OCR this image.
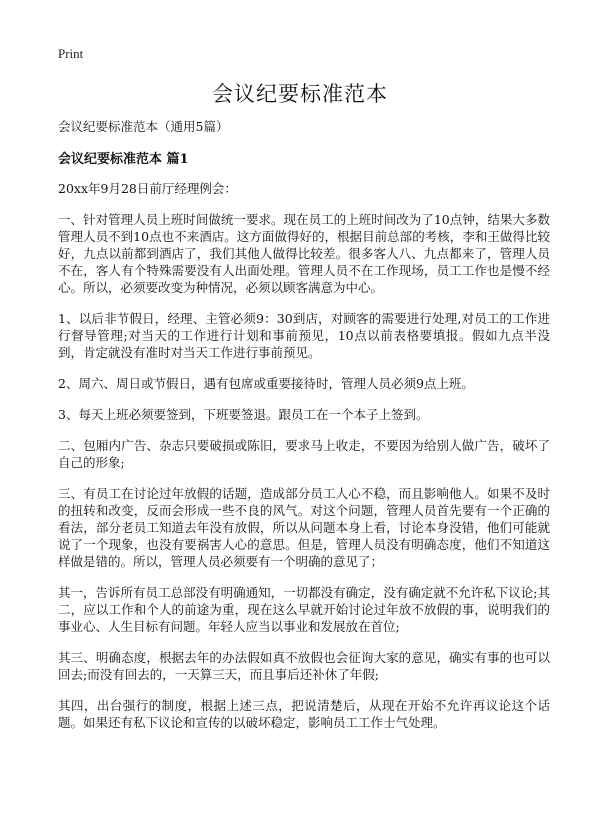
Print
会议纪要标准范本
会议纪要标准范本（通用5篇）
会议纪要标准范本 篇1

20xx年9月28日前厅经理例会：

一、针对管理人员上班时间做统一要求。现在员工的上班时间改为了10点钟，结果大多数管理人员不到10点也不来酒店。这方面做得好的，根据目前总部的考核，李和王做得比较好，九点以前都到酒店了，我们其他人做得比较差。很多客人八、九点都来了，管理人员不在，客人有个特殊需要没有人出面处理。管理人员不在工作现场，员工工作也是慢不经心。所以，必须要改变为种情况，必须以顾客满意为中心。

1、以后非节假日，经理、主管必须9：30到店，对顾客的需要进行处理,对员工的工作进行督导管理;对当天的工作进行计划和事前预见，10点以前表格要填报。假如九点半没到，肯定就没有准时对当天工作进行事前预见。

2、周六、周日或节假日，遇有包席或重要接待时，管理人员必须9点上班。

3、每天上班必须要签到，下班要签退。跟员工在一个本子上签到。

二、包厢内广告、杂志只要破损或陈旧，要求马上收走，不要因为给别人做广告，破坏了自己的形象;

三、有员工在讨论过年放假的话题，造成部分员工人心不稳，而且影响他人。如果不及时的扭转和改变，反而会形成一些不良的风气。对这个问题，管理人员首先要有一个正确的看法，部分老员工知道去年没有放假，所以从问题本身上看，讨论本身没错，他们可能就说了一个现象，也没有要祸害人心的意思。但是，管理人员没有明确态度，他们不知道这样做是错的。所以，管理人员必须要有一个明确的意见了；

其一，告诉所有员工总部没有明确通知，一切都没有确定，没有确定就不允许私下议论;其二，应以工作和个人的前途为重，现在这么早就开始讨论过年放不放假的事，说明我们的事业心、人生目标有问题。年轻人应当以事业和发展放在首位;

其三、明确态度，根据去年的办法假如真不放假也会征询大家的意见，确实有事的也可以回去;而没有回去的，一天算三天，而且事后还补休了年假;

其四，出台强行的制度，根据上述三点，把说清楚后，从现在开始不允许再议论这个话题。如果还有私下议论和宣传的以破坏稳定，影响员工工作士气处理。
